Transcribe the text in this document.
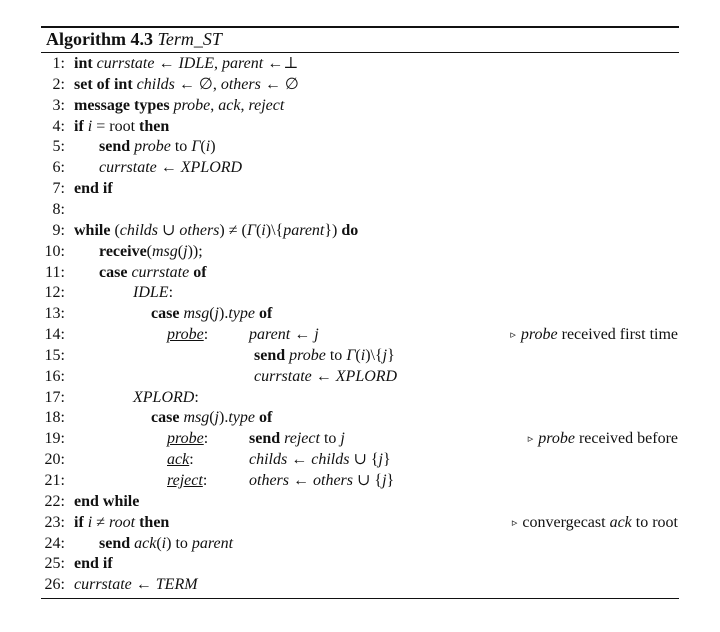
Algorithm 4.3 Term_ST
1: int currstate ← IDLE, parent ←⊥
2: set of int childs ← ∅, others ← ∅
3: message types probe, ack, reject
4: if i = root then
5: send probe to Γ(i)
6: currstate ← XPLORD
7: end if
8:
9: while (childs ∪ others) ≠ (Γ(i)\{parent}) do
10: receive(msg(j));
11: case currstate of
12:	IDLE:
13:	case msg(j).type of
14:	probe:	parent ← j	▹ probe received first time
15:	send probe to Γ(i)\{j}
16:	currstate ← XPLORD
17:	XPLORD:
18:	case msg(j).type of
19:	probe:	send reject to j	▹ probe received before
20:	ack:	childs ← childs ∪ {j}
21:	reject:	others ← others ∪ {j}
22: end while
23: if i ≠ root then	▹ convergecast ack to root
24: send ack(i) to parent
25: end if
26: currstate ← TERM
